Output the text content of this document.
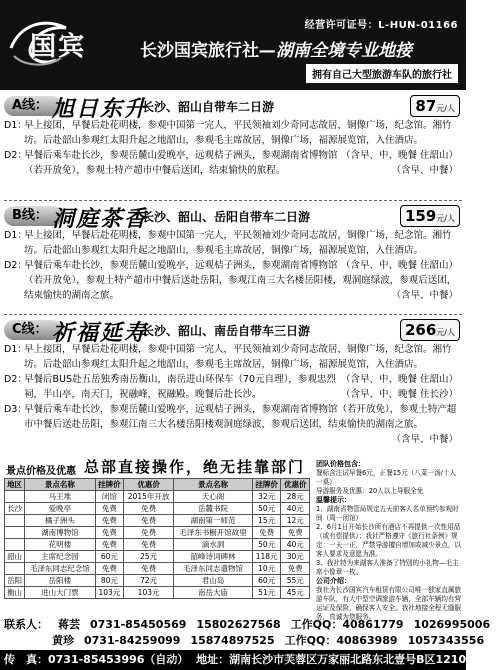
国宾
经营许可证号：L-HUN-01166
长沙国宾旅行社—湖南全境专业地接
拥有自己大型旅游车队的旅行社
A线： 旭日东升
长沙、韶山自带车二日游	87元/人
D1：
早上接团，早餐后赴花明楼，参观中国第一完人，平民领袖刘少奇同志故居，铜像广场，纪念馆。湘竹坊。后赴韶山参观红太阳升起之地韶山，参观毛主席故居，铜像广场，福源展览馆，入住酒店。
（含早、中、晚餐 住韶山）
D2：
早餐后乘车赴长沙，参观岳麓山爱晚亭，远观桔子洲头，参观湖南省博物馆（若开放免），参观土特产超市中餐后送团，结束愉快的旅程。	（含早、中餐）
B线： 洞庭茶香
长沙、韶山、岳阳自带车二日游	159元/人
D1：
早上接团，早餐后赴花明楼，参观中国第一完人，平民领袖刘少奇同志故居，铜像广场，纪念馆。湘竹坊。后赴韶山参观红太阳升起之地韶山，参观毛主席故居，铜像广场，福源展览馆，入住酒店。
（含早、中、晚餐 住韶山）
D2：
早餐后乘车赴长沙，参观岳麓山爱晚亭，远观桔子洲头，参观湖南省博物馆（若开放免），参观土特产超市中餐后送赴岳阳，参观江南三大名楼岳阳楼，观洞庭绿波，参观后送团，结束愉快的湖南之旅。	（含早、中餐）
C线： 祈福延寿
长沙、韶山、南岳自带车三日游	266元/人
D1：
早上接团，早餐后赴花明楼，参观中国第一完人，平民领袖刘少奇同志故居，铜像广场，纪念馆。湘竹坊。后赴韶山参观红太阳升起之地韶山，参观毛主席故居，铜像广场，福源展览馆，入住酒店。
（含早、中、晚餐 住韶山）
D2：
早餐后BUS赴五岳独秀南岳衡山，南岳进山环保车（70元自理），参观忠烈祠，半山亭，南天门，祝融峰，祝融殿。晚餐后赴长沙。	（含早、中、晚餐 住长沙）
D3：
早餐后乘车赴长沙，参观岳麓山爱晚亭，远观桔子洲头，参观湖南省博物馆（若开放免），参观土特产超市中餐后送赴岳阳，参观江南三大名楼岳阳楼观洞庭绿波，参观后送团，结束愉快的湖南之旅。
（含早、中餐）
景点价格及优惠 总部直接操作，绝无挂靠部门
地区	景点名称	挂牌价	优惠价	景点名称	挂牌价	优惠价
	马王堆	闭馆	2015年开放	天心阁	32元	28元
长沙	爱晚亭	免费	免费	岳麓书院	50元	40元
	橘子洲头	免费	免费	湖南第一师范	15元	12元
	湖南博物馆	免费	免费	毛泽东书橱开馆故里	免费	免费
	花明楼	免费	免费	滴水洞	50元	40元
韶山	主席纪念园	60元	25元	韶峰诗词碑林	118元	30元
	毛泽东同志纪念馆	免费	免费	毛泽东同志遗物馆	10元	免费
岳阳	岳阳楼	80元	72元	君山岛	60元	55元
衡山	进山大门票	103元	103元	南岳大庙	51元	45元
团队价格包含：
餐标含注试早餐6元，正餐15元（八菜一汤/十人一桌）
导游服务及优惠：20人以上导服全免
温馨提示：
1、湖南省物管局规定五天前客人名单预约参观时间（周一闭馆）
2、6月1日开始长沙所有酒店不再提供一次性用品（或有偿提供）；我社严格遵守《旅行社条例》规定：一天一正，严禁导游擅自增加或减少景点，以客人要求及意愿为准。
3、我社特为来湖客人准备了特别的小礼物—毛主席小像章一枚。
公司介绍：
我社为长沙国宾汽车租赁有限公司唯一独家直属旅游车队，有大中型空调旅游车辆，全部车辆均有营运证及保险，确保客人安全。我社地接全程无缝服务，真诚为您服务。
联系人： 蒋芸 0731-85450569 15802627568 工作QQ：40861779 1026995006
黄珍 0731-84259099 15874897525 工作QQ：40863989 1057343556
传　真：0731-85453996（自动） 地址：湖南长沙市芙蓉区万家丽北路东北壹号B区1210室
